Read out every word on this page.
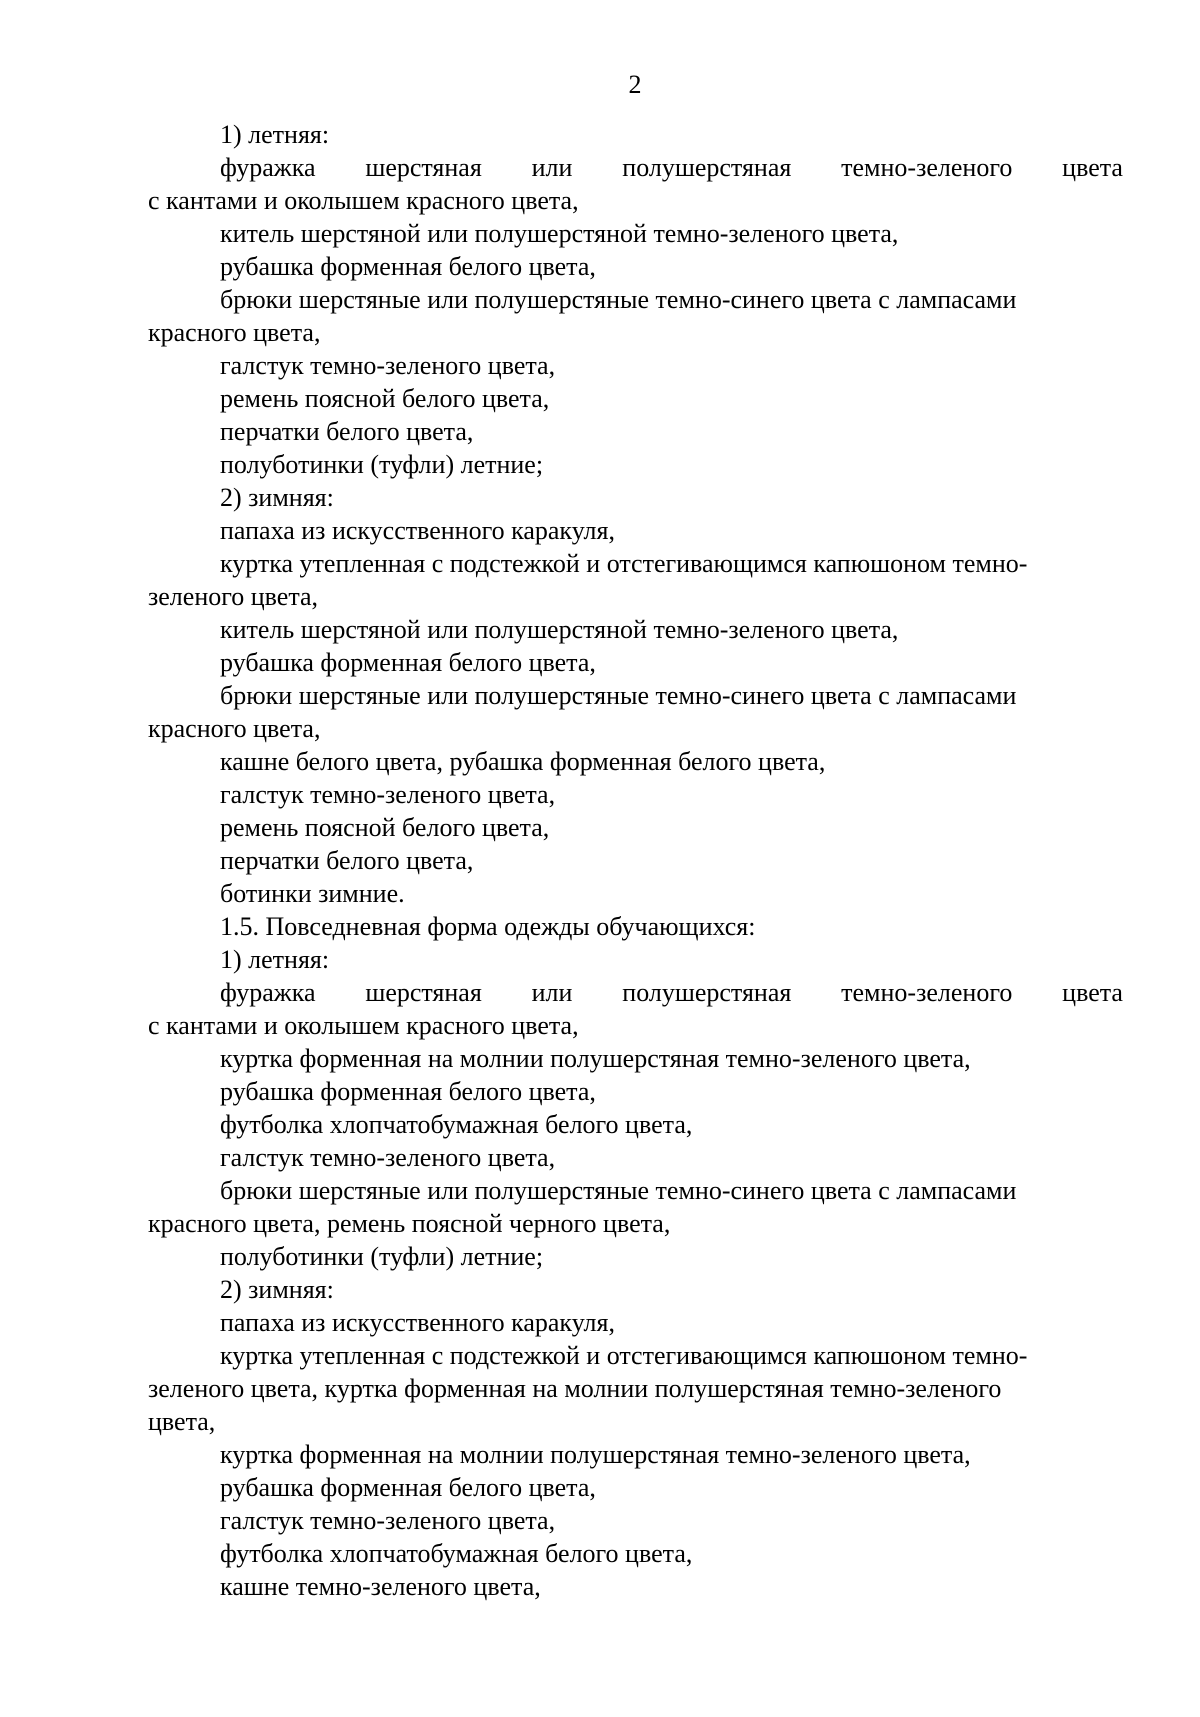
2

1) летняя:

фуражка шерстяная или полушерстяная темно-зеленого цвета

с кантами и околышем красного цвета,

китель шерстяной или полушерстяной темно-зеленого цвета,

рубашка форменная белого цвета,

брюки шерстяные или полушерстяные темно-синего цвета с лампасами

красного цвета,

галстук темно-зеленого цвета,

ремень поясной белого цвета,

перчатки белого цвета,

полуботинки (туфли) летние;

2) зимняя:

папаха из искусственного каракуля,

куртка утепленная с подстежкой и отстегивающимся капюшоном темно-

зеленого цвета,

китель шерстяной или полушерстяной темно-зеленого цвета,

рубашка форменная белого цвета,

брюки шерстяные или полушерстяные темно-синего цвета с лампасами

красного цвета,

кашне белого цвета, рубашка форменная белого цвета,

галстук темно-зеленого цвета,

ремень поясной белого цвета,

перчатки белого цвета,

ботинки зимние.

1.5. Повседневная форма одежды обучающихся:

1) летняя:

фуражка шерстяная или полушерстяная темно-зеленого цвета

с кантами и околышем красного цвета,

куртка форменная на молнии полушерстяная темно-зеленого цвета,

рубашка форменная белого цвета,

футболка хлопчатобумажная белого цвета,

галстук темно-зеленого цвета,

брюки шерстяные или полушерстяные темно-синего цвета с лампасами

красного цвета, ремень поясной черного цвета,

полуботинки (туфли) летние;

2) зимняя:

папаха из искусственного каракуля,

куртка утепленная с подстежкой и отстегивающимся капюшоном темно-

зеленого цвета, куртка форменная на молнии полушерстяная темно-зеленого

цвета,

куртка форменная на молнии полушерстяная темно-зеленого цвета,

рубашка форменная белого цвета,

галстук темно-зеленого цвета,

футболка хлопчатобумажная белого цвета,

кашне темно-зеленого цвета,
